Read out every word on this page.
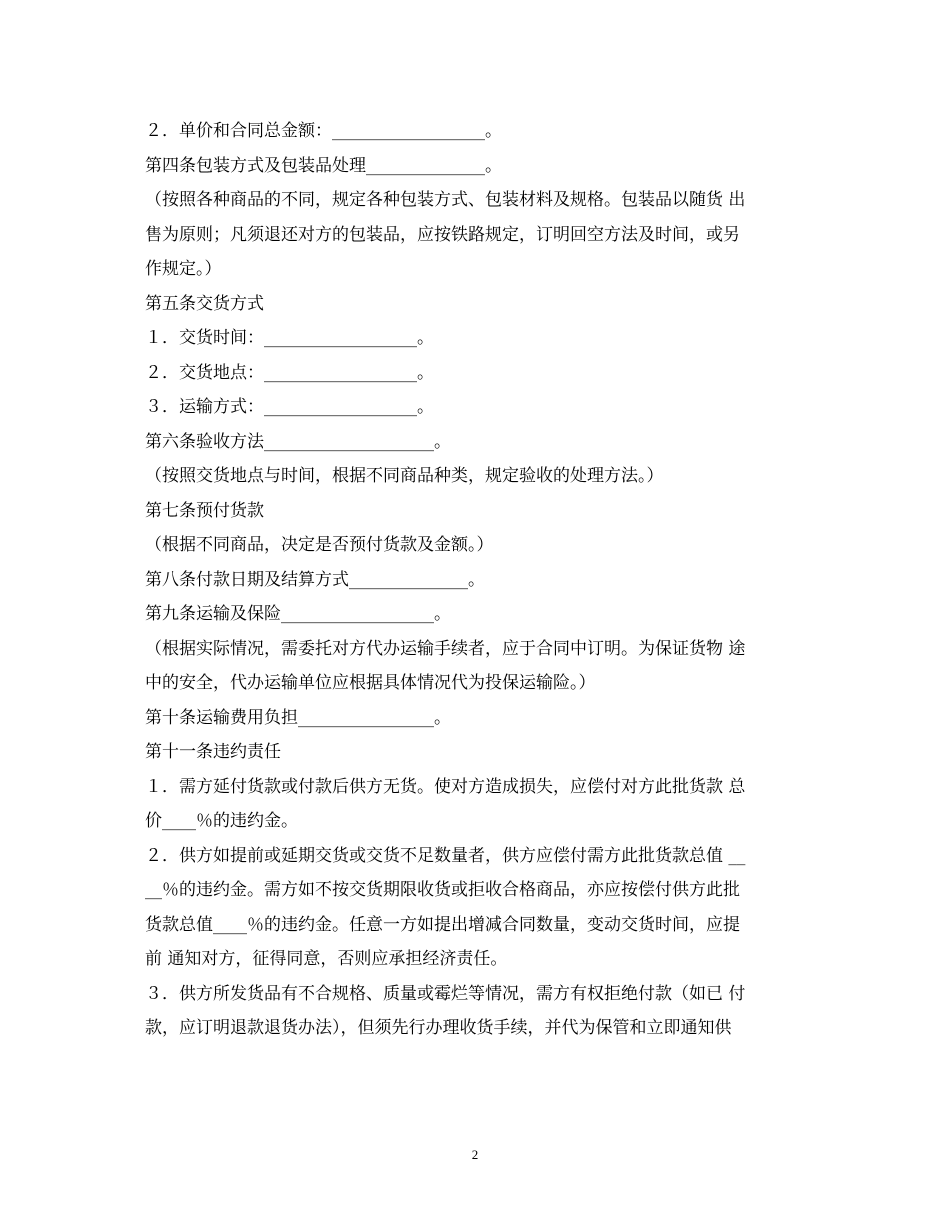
２．单价和合同总金额：__________________。
第四条包装方式及包装品处理______________。
（按照各种商品的不同，规定各种包装方式、包装材料及规格。包装品以随货 出
售为原则；凡须退还对方的包装品，应按铁路规定，订明回空方法及时间，或另
作规定。）
第五条交货方式
１．交货时间：__________________。
２．交货地点：__________________。
３．运输方式：__________________。
第六条验收方法____________________。
（按照交货地点与时间，根据不同商品种类，规定验收的处理方法。）
第七条预付货款
（根据不同商品，决定是否预付货款及金额。）
第八条付款日期及结算方式______________。
第九条运输及保险__________________。
（根据实际情况，需委托对方代办运输手续者，应于合同中订明。为保证货物 途
中的安全，代办运输单位应根据具体情况代为投保运输险。）
第十条运输费用负担________________。
第十一条违约责任
１．需方延付货款或付款后供方无货。使对方造成损失，应偿付对方此批货款 总
价____％的违约金。
２．供方如提前或延期交货或交货不足数量者，供方应偿付需方此批货款总值 __
__％的违约金。需方如不按交货期限收货或拒收合格商品，亦应按偿付供方此批
货款总值____％的违约金。任意一方如提出增减合同数量，变动交货时间，应提
前 通知对方，征得同意，否则应承担经济责任。
３．供方所发货品有不合规格、质量或霉烂等情况，需方有权拒绝付款（如已 付
款，应订明退款退货办法），但须先行办理收货手续，并代为保管和立即通知供
2
